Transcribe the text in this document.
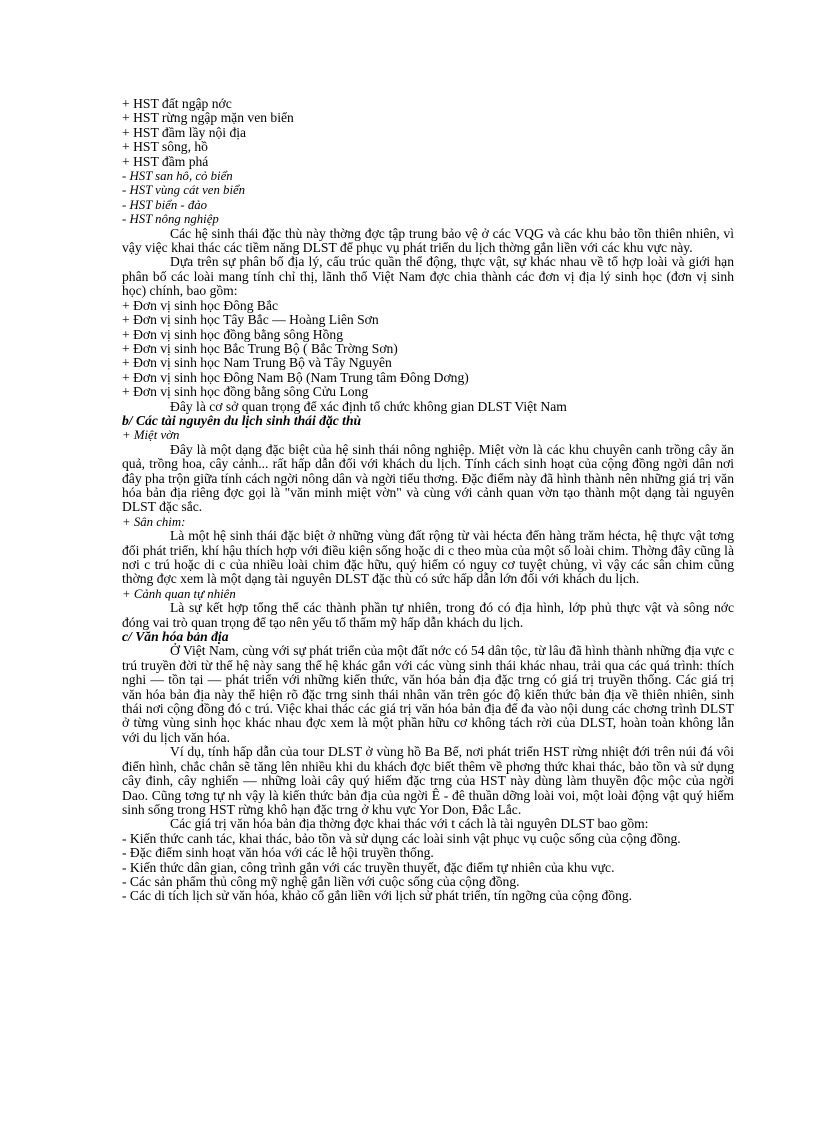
+ HST đất ngập nớc

+ HST rừng ngập mặn ven biển

+ HST đầm lầy nội địa

+ HST sông, hồ

+ HST đầm phá

- HST san hô, cỏ biển

- HST vùng cát ven biển

- HST biển - đảo

- HST nông nghiệp

Các hệ sinh thái đặc thù này thờng đợc tập trung bảo vệ ở các VQG và các khu bảo tồn thiên nhiên, vì vậy việc khai thác các tiềm năng DLST để phục vụ phát triển du lịch thờng gắn liền với các khu vực này.

Dựa trên sự phân bố địa lý, cấu trúc quần thể động, thực vật, sự khác nhau về tổ hợp loài và giới hạn phân bố các loài mang tính chỉ thị, lãnh thổ Việt Nam đợc chia thành các đơn vị địa lý sinh học (đơn vị sinh học) chính, bao gồm:

+ Đơn vị sinh học Đông Bắc

+ Đơn vị sinh học Tây Bắc — Hoàng Liên Sơn

+ Đơn vị sinh học đồng bằng sông Hồng

+ Đơn vị sinh học Bắc Trung Bộ ( Bắc Trờng Sơn)

+ Đơn vị sinh học Nam Trung Bộ và Tây Nguyên

+ Đơn vị sinh học Đông Nam Bộ (Nam Trung tâm Đông Dơng)

+ Đơn vị sinh học đồng bằng sông Cửu Long

Đây là cơ sở quan trọng để xác định tổ chức không gian DLST Việt Nam

b/ Các tài nguyên du lịch sinh thái đặc thù

+ Miệt vờn

Đây là một dạng đặc biệt của hệ sinh thái nông nghiệp. Miệt vờn là các khu chuyên canh trồng cây ăn quả, trồng hoa, cây cảnh... rất hấp dẫn đối với khách du lịch. Tính cách sinh hoạt của cộng đồng ngời dân nơi đây pha trộn giữa tính cách ngời nông dân và ngời tiểu thơng. Đặc điểm này đã hình thành nên những giá trị văn hóa bản địa riêng đợc gọi là "văn minh miệt vờn" và cùng với cảnh quan vờn tạo thành một dạng tài nguyên DLST đặc sắc.

+ Sân chim:

Là một hệ sinh thái đặc biệt ở những vùng đất rộng từ vài hécta đến hàng trăm hécta, hệ thực vật tơng đối phát triển, khí hậu thích hợp với điều kiện sống hoặc di c theo mùa của một số loài chim. Thờng đây cũng là nơi c trú hoặc di c của nhiều loài chim đặc hữu, quý hiếm có nguy cơ tuyệt chủng, vì vậy các sân chim cũng thờng đợc xem là một dạng tài nguyên DLST đặc thù có sức hấp dẫn lớn đối với khách du lịch.

+ Cảnh quan tự nhiên

Là sự kết hợp tổng thể các thành phần tự nhiên, trong đó có địa hình, lớp phủ thực vật và sông nớc đóng vai trò quan trọng để tạo nên yếu tố thẩm mỹ hấp dẫn khách du lịch.

c/ Văn hóa bản địa

Ở Việt Nam, cùng với sự phát triển của một đất nớc có 54 dân tộc, từ lâu đã hình thành những địa vực c trú truyền đời từ thế hệ này sang thế hệ khác gắn với các vùng sinh thái khác nhau, trải qua các quá trình: thích nghi — tồn tại — phát triển với những kiến thức, văn hóa bản địa đặc trng có giá trị truyền thống. Các giá trị văn hóa bản địa này thể hiện rõ đặc trng sinh thái nhân văn trên góc độ kiến thức bản địa về thiên nhiên, sinh thái nơi cộng đồng đó c trú. Việc khai thác các giá trị văn hóa bản địa để đa vào nội dung các chơng trình DLST ở từng vùng sinh học khác nhau đợc xem là một phần hữu cơ không tách rời của DLST, hoàn toàn không lẫn với du lịch văn hóa.

Ví dụ, tính hấp dẫn của tour DLST ở vùng hồ Ba Bể, nơi phát triển HST rừng nhiệt đới trên núi đá vôi điển hình, chắc chắn sẽ tăng lên nhiều khi du khách đợc biết thêm về phơng thức khai thác, bảo tồn và sử dụng cây đinh, cây nghiến — những loài cây quý hiếm đặc trng của HST này dùng làm thuyền độc mộc của ngời Dao. Cũng tơng tự nh vậy là kiến thức bản địa của ngời Ê - đê thuần dỡng loài voi, một loài động vật quý hiếm sinh sống trong HST rừng khô hạn đặc trng ở khu vực Yor Don, Đắc Lắc.

Các giá trị văn hóa bản địa thờng đợc khai thác với t cách là tài nguyên DLST bao gồm:

- Kiến thức canh tác, khai thác, bảo tồn và sử dụng các loài sinh vật phục vụ cuộc sống của cộng đồng.

- Đặc điểm sinh hoạt văn hóa với các lễ hội truyền thống.

- Kiến thức dân gian, công trình gắn với các truyền thuyết, đặc điểm tự nhiên của khu vực.

- Các sản phẩm thủ công mỹ nghệ gắn liền với cuộc sống của cộng đồng.

- Các di tích lịch sử văn hóa, khảo cổ gắn liền với lịch sử phát triển, tín ngỡng của cộng đồng.
